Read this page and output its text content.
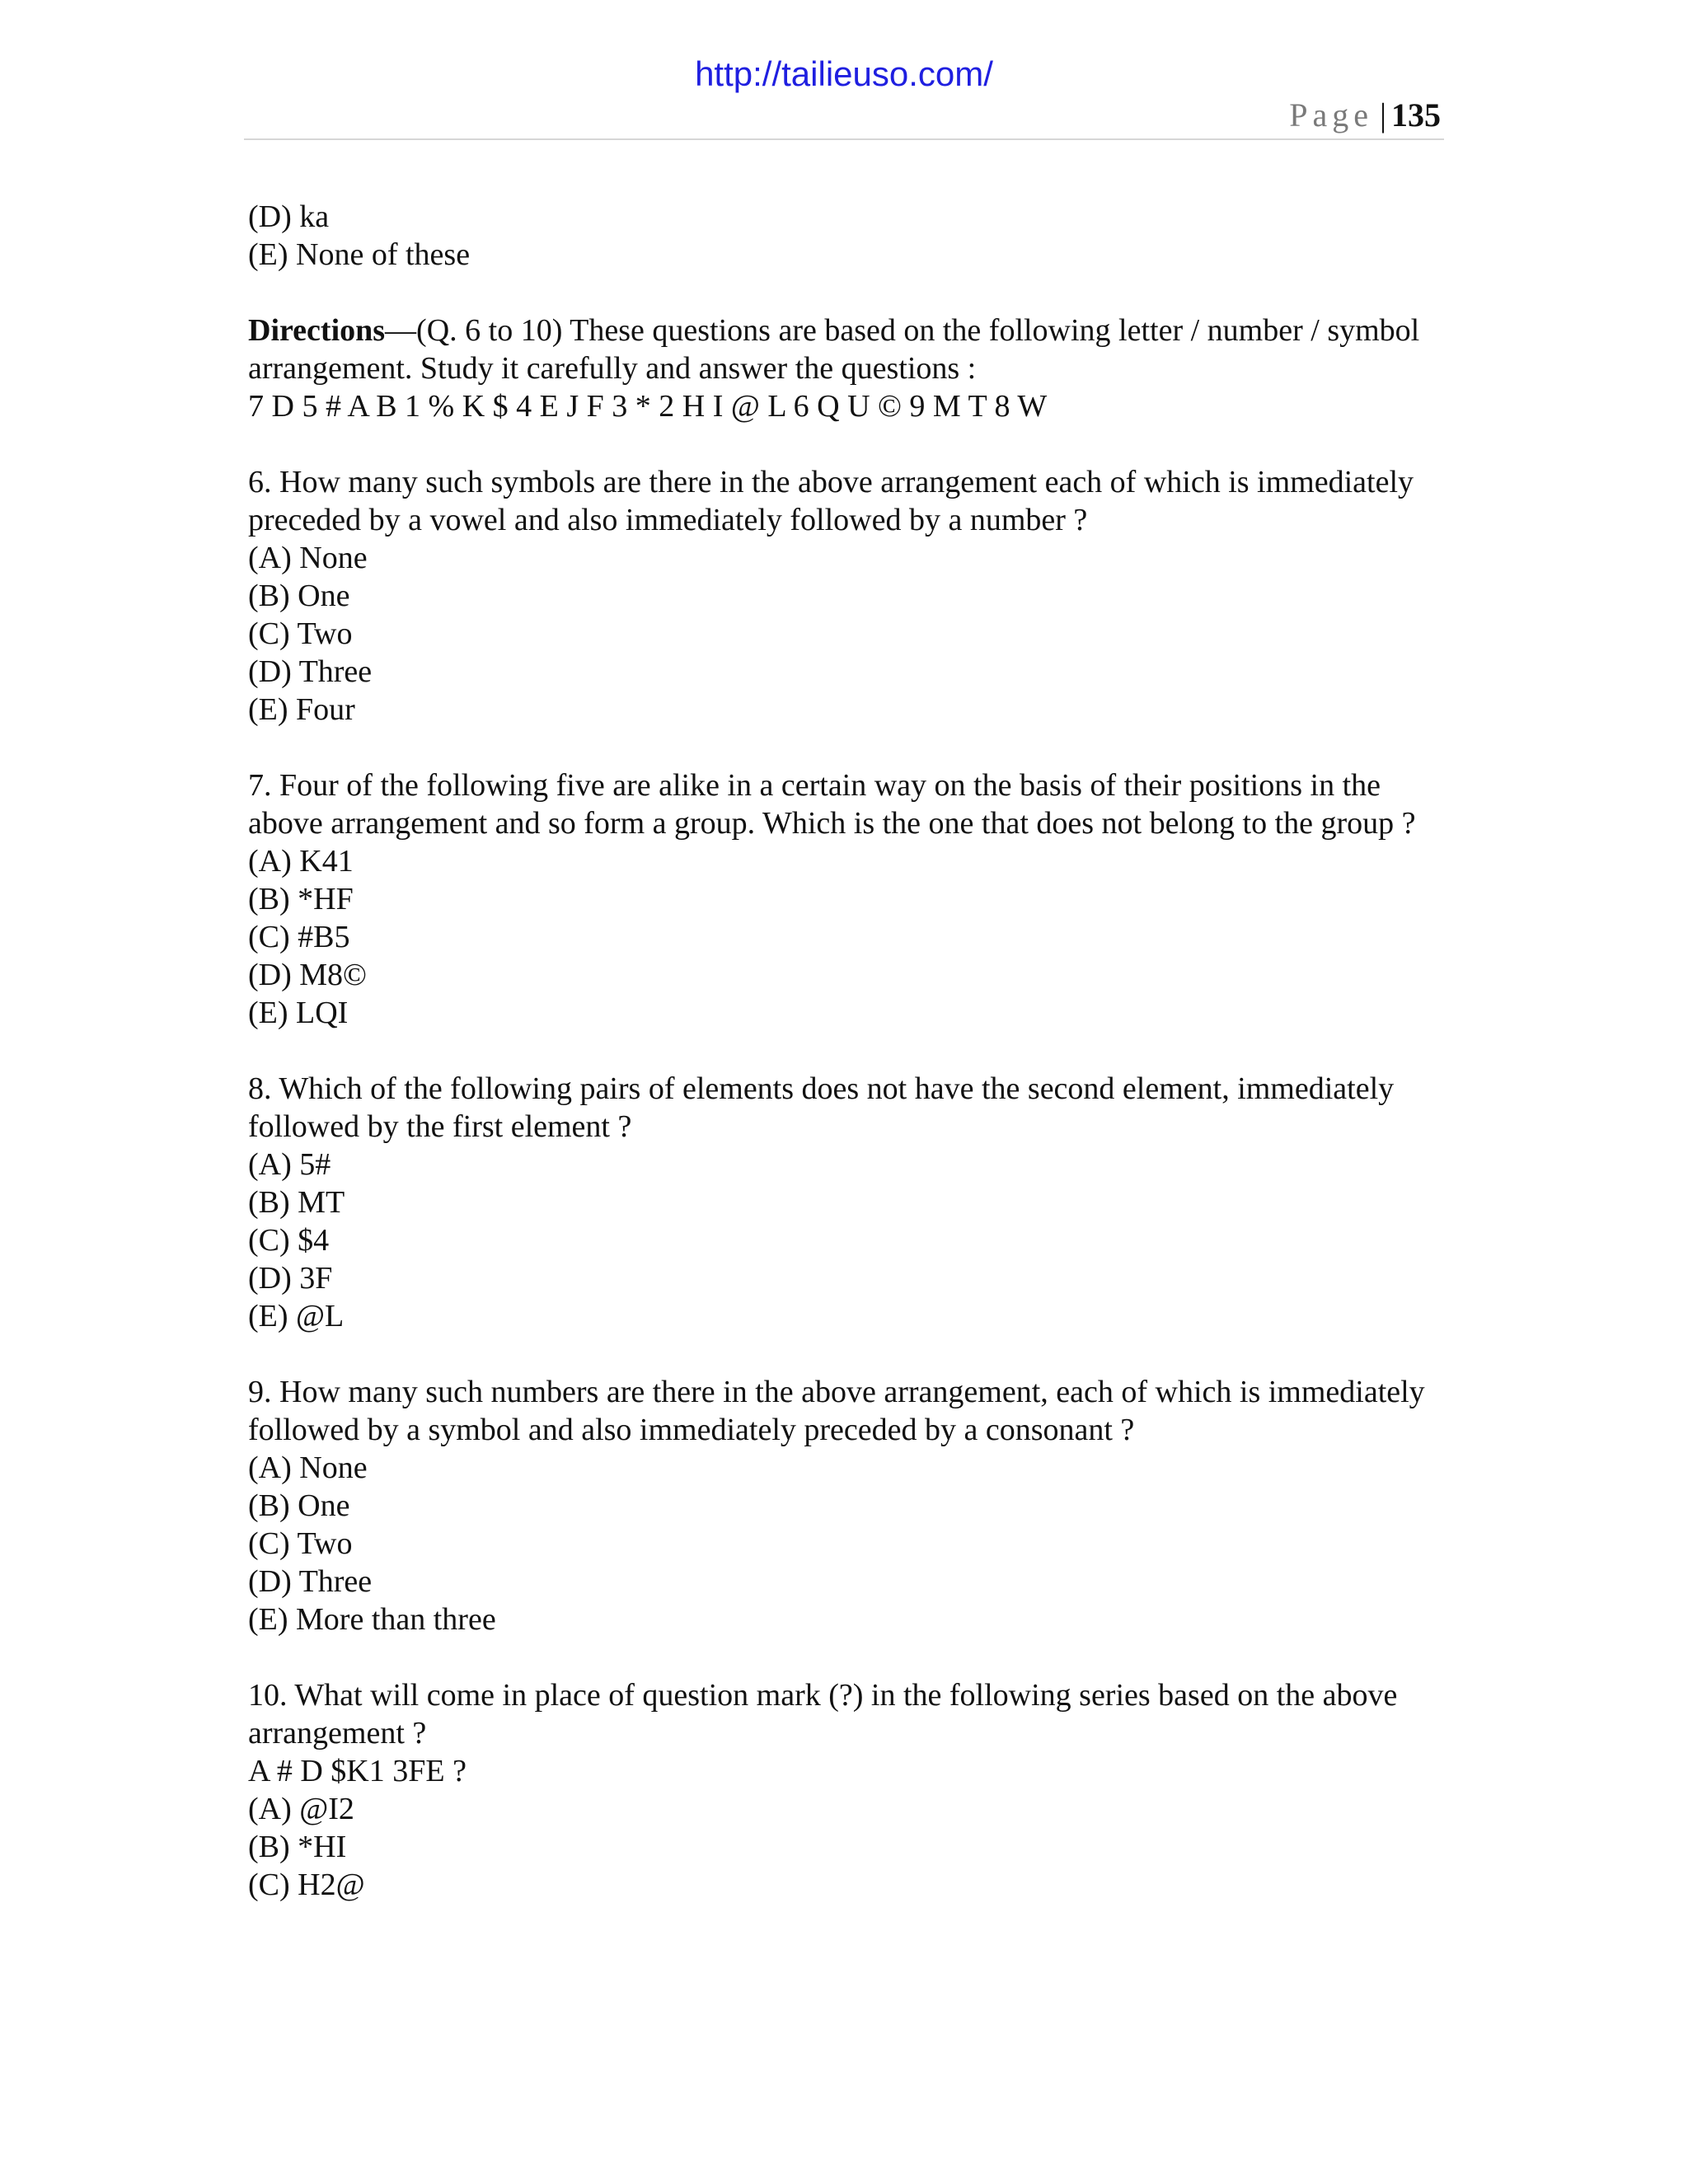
http://tailieuso.com/
Page | 135

(D) ka

(E) None of these

Directions—(Q. 6 to 10) These questions are based on the following letter / number / symbol arrangement. Study it carefully and answer the questions :

7 D 5 # A B 1 % K $ 4 E J F 3 * 2 H I @ L 6 Q U © 9 M T 8 W

6. How many such symbols are there in the above arrangement each of which is immediately preceded by a vowel and also immediately followed by a number ?

(A) None

(B) One

(C) Two

(D) Three

(E) Four

7. Four of the following five are alike in a certain way on the basis of their positions in the above arrangement and so form a group. Which is the one that does not belong to the group ?

(A) K41

(B) *HF

(C) #B5

(D) M8©

(E) LQI

8. Which of the following pairs of elements does not have the second element, immediately followed by the first element ?

(A) 5#

(B) MT

(C) $4

(D) 3F

(E) @L

9. How many such numbers are there in the above arrangement, each of which is immediately followed by a symbol and also immediately preceded by a consonant ?

(A) None

(B) One

(C) Two

(D) Three

(E) More than three

10. What will come in place of question mark (?) in the following series based on the above arrangement ?

A # D $K1 3FE ?

(A) @I2

(B) *HI

(C) H2@
